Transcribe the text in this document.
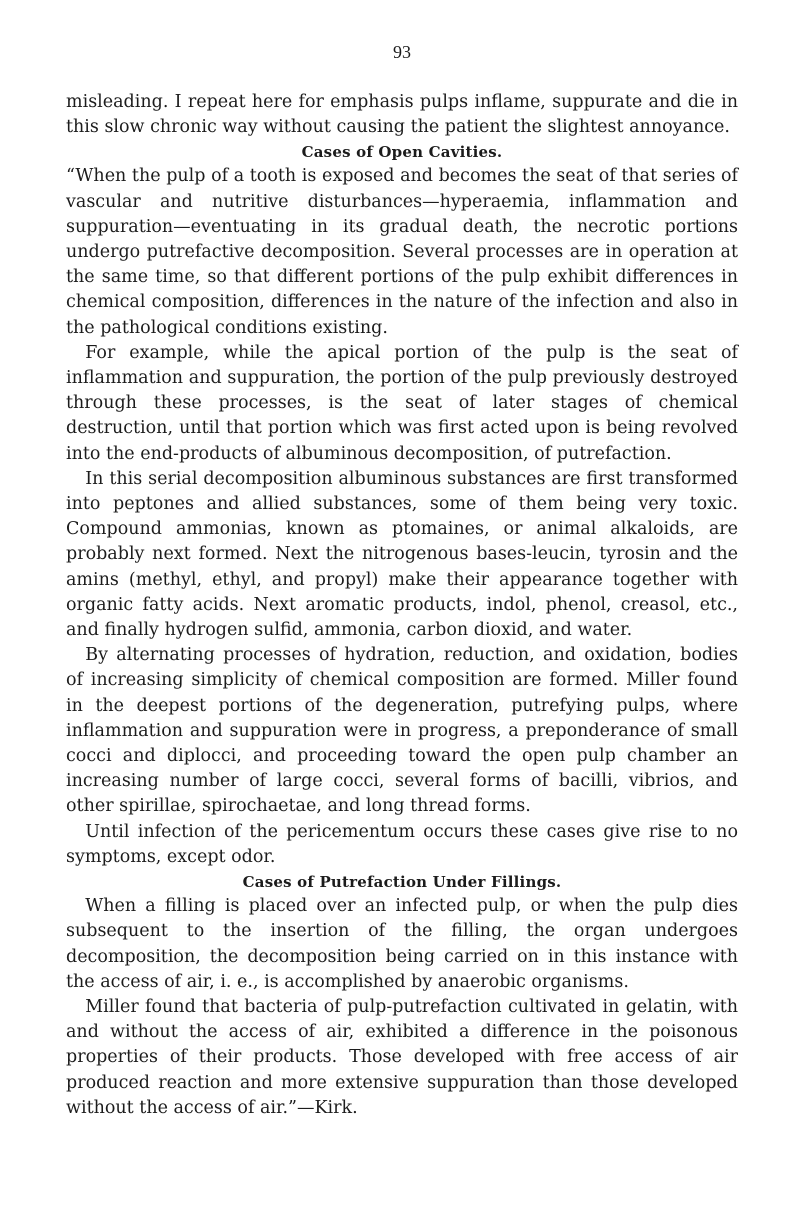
93

misleading. I repeat here for emphasis pulps inflame, suppurate and die in this slow chronic way without causing the patient the slightest annoyance.

Cases of Open Cavities.

“When the pulp of a tooth is exposed and becomes the seat of that series of vascular and nutritive disturbances—hyperaemia, inflammation and suppuration—eventuating in its gradual death, the necrotic portions undergo putrefactive decomposition. Several processes are in operation at the same time, so that different portions of the pulp exhibit differences in chemical composition, differences in the nature of the infection and also in the pathological conditions existing.

For example, while the apical portion of the pulp is the seat of inflammation and suppuration, the portion of the pulp previously destroyed through these processes, is the seat of later stages of chemical destruction, until that portion which was first acted upon is being revolved into the end-products of albuminous decomposition, of putrefaction.

In this serial decomposition albuminous substances are first transformed into peptones and allied substances, some of them being very toxic. Compound ammonias, known as ptomaines, or animal alkaloids, are probably next formed. Next the nitrogenous bases-leucin, tyrosin and the amins (methyl, ethyl, and propyl) make their appearance together with organic fatty acids. Next aromatic products, indol, phenol, creasol, etc., and finally hydrogen sulfid, ammonia, carbon dioxid, and water.

By alternating processes of hydration, reduction, and oxidation, bodies of increasing simplicity of chemical composition are formed. Miller found in the deepest portions of the degeneration, putrefying pulps, where inflammation and suppuration were in progress, a preponderance of small cocci and diplocci, and proceeding toward the open pulp chamber an increasing number of large cocci, several forms of bacilli, vibrios, and other spirillae, spirochaetae, and long thread forms.

Until infection of the pericementum occurs these cases give rise to no symptoms, except odor.

Cases of Putrefaction Under Fillings.

When a filling is placed over an infected pulp, or when the pulp dies subsequent to the insertion of the filling, the organ undergoes decomposition, the decomposition being carried on in this instance with the access of air, i. e., is accomplished by anaerobic organisms.

Miller found that bacteria of pulp-putrefaction cultivated in gelatin, with and without the access of air, exhibited a difference in the poisonous properties of their products. Those developed with free access of air produced reaction and more extensive suppuration than those developed without the access of air.”—Kirk.
